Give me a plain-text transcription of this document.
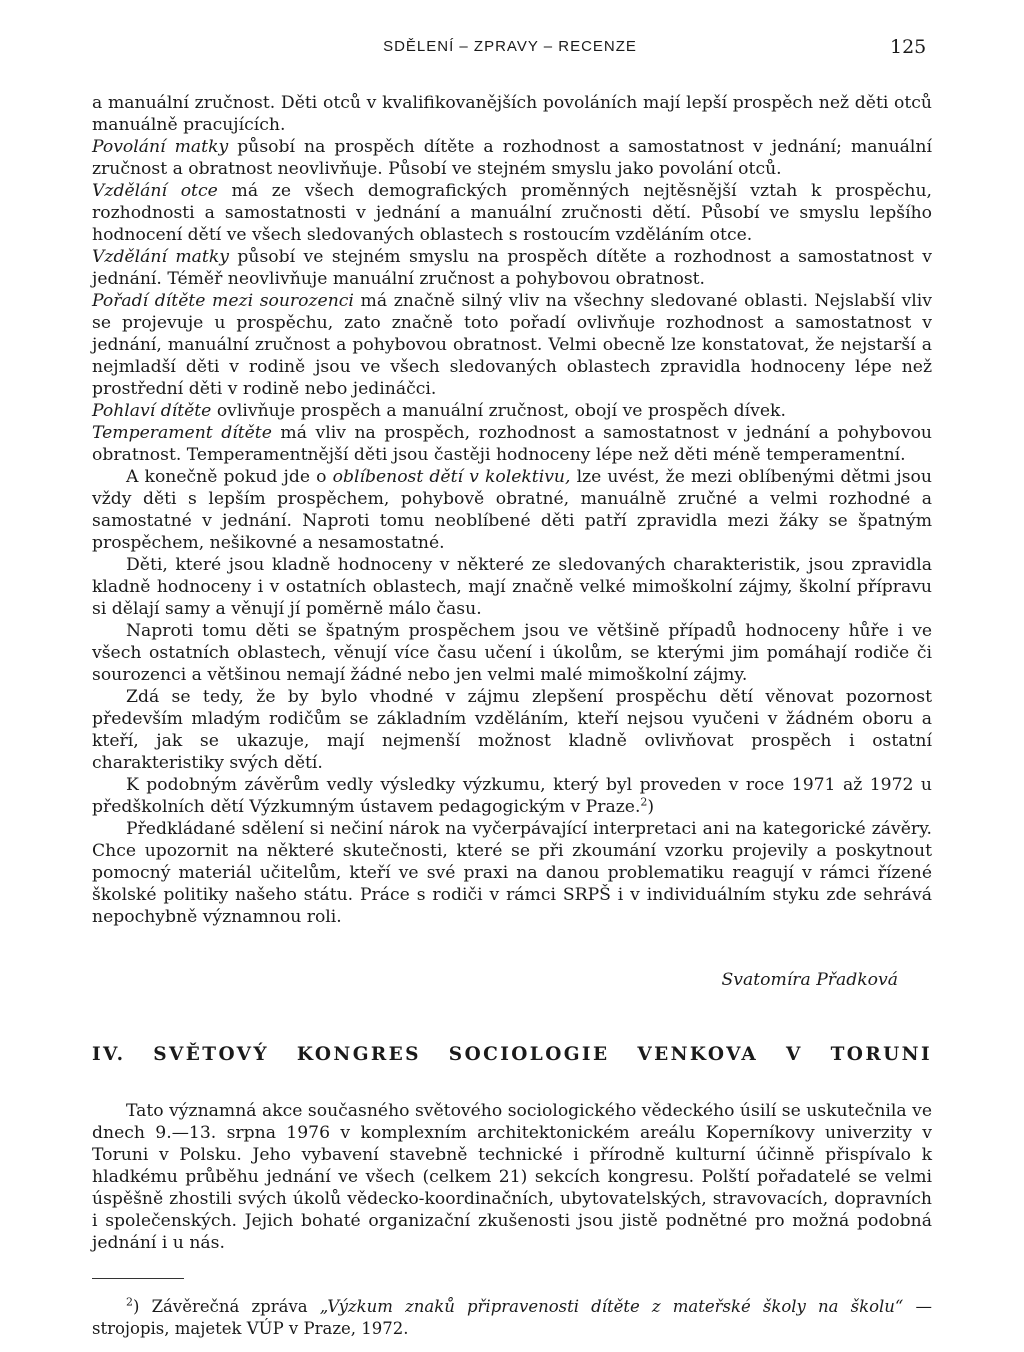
SDĚLENÍ – ZPRAVY – RECENZE	125

a manuální zručnost. Děti otců v kvalifikovanějších povoláních mají lepší prospěch než děti otců manuálně pracujících.

Povolání matky působí na prospěch dítěte a rozhodnost a samostatnost v jednání; manuální zručnost a obratnost neovlivňuje. Působí ve stejném smyslu jako povolání otců.

Vzdělání otce má ze všech demografických proměnných nejtěsnější vztah k prospěchu, rozhodnosti a samostatnosti v jednání a manuální zručnosti dětí. Působí ve smyslu lepšího hodnocení dětí ve všech sledovaných oblastech s rostoucím vzděláním otce.

Vzdělání matky působí ve stejném smyslu na prospěch dítěte a rozhodnost a samostatnost v jednání. Téměř neovlivňuje manuální zručnost a pohybovou obratnost.

Pořadí dítěte mezi sourozenci má značně silný vliv na všechny sledované oblasti. Nejslabší vliv se projevuje u prospěchu, zato značně toto pořadí ovlivňuje rozhodnost a samostatnost v jednání, manuální zručnost a pohybovou obratnost. Velmi obecně lze konstatovat, že nejstarší a nejmladší děti v rodině jsou ve všech sledovaných oblastech zpravidla hodnoceny lépe než prostřední děti v rodině nebo jedináčci.

Pohlaví dítěte ovlivňuje prospěch a manuální zručnost, obojí ve prospěch dívek.

Temperament dítěte má vliv na prospěch, rozhodnost a samostatnost v jednání a pohybovou obratnost. Temperamentnější děti jsou častěji hodnoceny lépe než děti méně temperamentní.

A konečně pokud jde o oblíbenost dětí v kolektivu, lze uvést, že mezi oblíbenými dětmi jsou vždy děti s lepším prospěchem, pohybově obratné, manuálně zručné a velmi rozhodné a samostatné v jednání. Naproti tomu neoblíbené děti patří zpravidla mezi žáky se špatným prospěchem, nešikovné a nesamostatné.

Děti, které jsou kladně hodnoceny v některé ze sledovaných charakteristik, jsou zpravidla kladně hodnoceny i v ostatních oblastech, mají značně velké mimoškolní zájmy, školní přípravu si dělají samy a věnují jí poměrně málo času.

Naproti tomu děti se špatným prospěchem jsou ve většině případů hodnoceny hůře i ve všech ostatních oblastech, věnují více času učení i úkolům, se kterými jim pomáhají rodiče či sourozenci a většinou nemají žádné nebo jen velmi malé mimoškolní zájmy.

Zdá se tedy, že by bylo vhodné v zájmu zlepšení prospěchu dětí věnovat pozornost především mladým rodičům se základním vzděláním, kteří nejsou vyučeni v žádném oboru a kteří, jak se ukazuje, mají nejmenší možnost kladně ovlivňovat prospěch i ostatní charakteristiky svých dětí.

K podobným závěrům vedly výsledky výzkumu, který byl proveden v roce 1971 až 1972 u předškolních dětí Výzkumným ústavem pedagogickým v Praze.$^2$)

Předkládané sdělení si nečiní nárok na vyčerpávající interpretaci ani na kategorické závěry. Chce upozornit na některé skutečnosti, které se při zkoumání vzorku projevily a poskytnout pomocný materiál učitelům, kteří ve své praxi na danou problematiku reagují v rámci řízené školské politiky našeho státu. Práce s rodiči v rámci SRPŠ i v individuálním styku zde sehrává nepochybně významnou roli.

Svatomíra Přadková
IV. SVĚTOVÝ KONGRES SOCIOLOGIE VENKOVA V TORUNI

Tato významná akce současného světového sociologického vědeckého úsilí se uskutečnila ve dnech 9.—13. srpna 1976 v komplexním architektonickém areálu Koperníkovy univerzity v Toruni v Polsku. Jeho vybavení stavebně technické i přírodně kulturní účinně přispívalo k hladkému průběhu jednání ve všech (celkem 21) sekcích kongresu. Polští pořadatelé se velmi úspěšně zhostili svých úkolů vědecko-koordinačních, ubytovatelských, stravovacích, dopravních i společenských. Jejich bohaté organizační zkušenosti jsou jistě podnětné pro možná podobná jednání i u nás.

$^2$) Závěrečná zpráva „Výzkum znaků připravenosti dítěte z mateřské školy na školu“ — strojopis, majetek VÚP v Praze, 1972.
